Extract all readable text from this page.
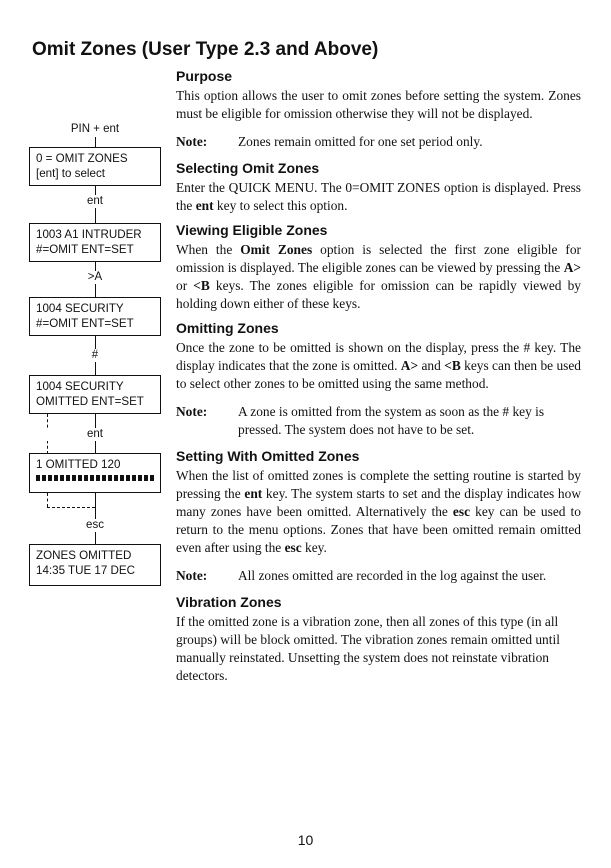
Omit Zones (User Type 2.3 and Above)
PIN + ent
0 = OMIT ZONES
[ent] to select
ent
1003 A1 INTRUDER
#=OMIT ENT=SET
>A
1004 SECURITY
#=OMIT ENT=SET
#
1004 SECURITY
OMITTED ENT=SET
ent
1 OMITTED 120
esc
ZONES OMITTED
14:35 TUE 17 DEC
Purpose

This option allows the user to omit zones before setting the system. Zones must be eligible for omission otherwise they will not be displayed.

Note:	Zones remain omitted for one set period only.
Selecting Omit Zones

Enter the QUICK MENU. The 0=OMIT ZONES option is displayed. Press the ent key to select this option.

Viewing Eligible Zones

When the Omit Zones option is selected the first zone eligible for omission is displayed. The eligible zones can be viewed by pressing the A> or <B keys. The zones eligible for omission can be rapidly viewed by holding down either of these keys.

Omitting Zones

Once the zone to be omitted is shown on the display, press the # key. The display indicates that the zone is omitted. A> and <B keys can then be used to select other zones to be omitted using the same method.

Note:	A zone is omitted from the system as soon as the # key is pressed. The system does not have to be set.
Setting With Omitted Zones

When the list of omitted zones is complete the setting routine is started by pressing the ent key. The system starts to set and the display indicates how many zones have been omitted. Alternatively the esc key can be used to return to the menu options. Zones that have been omitted remain omitted even after using the esc key.

Note:	All zones omitted are recorded in the log against the user.
Vibration Zones

If the omitted zone is a vibration zone, then all zones of this type (in all groups) will be block omitted. The vibration zones remain omitted until manually reinstated. Unsetting the system does not reinstate vibration detectors.

10
